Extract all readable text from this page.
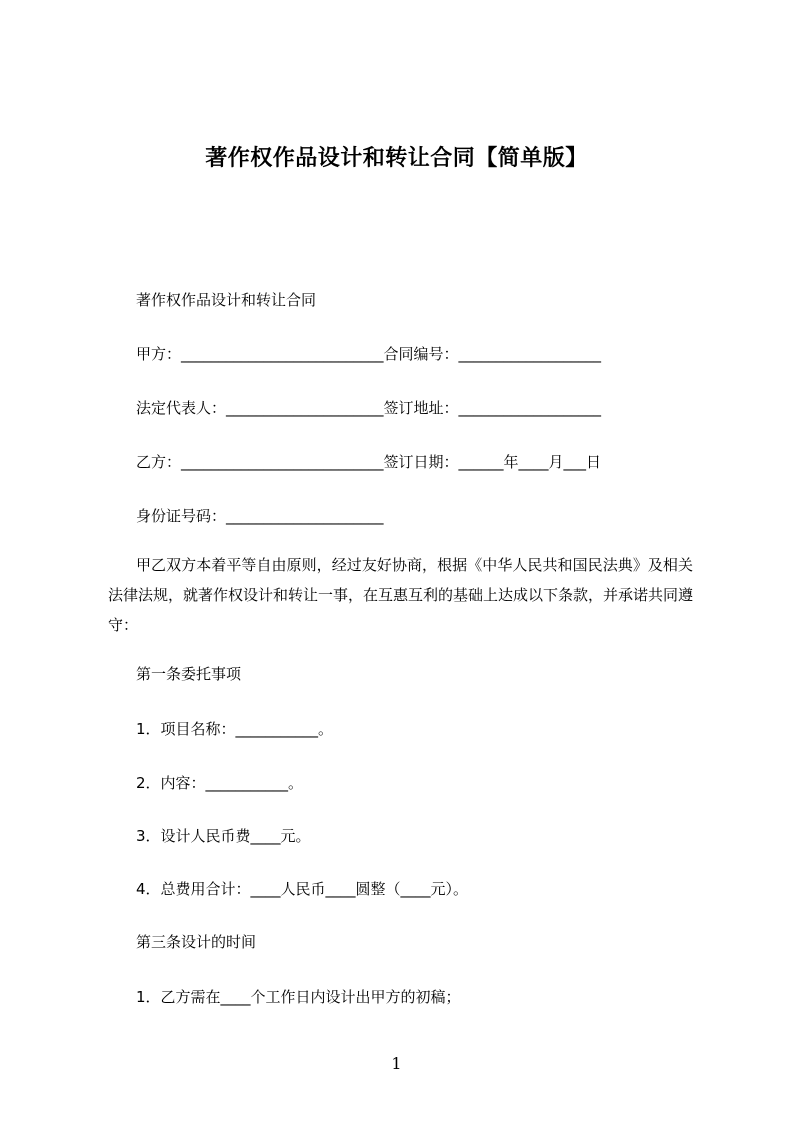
著作权作品设计和转让合同【简单版】
著作权作品设计和转让合同
甲方：___________________________合同编号：___________________
法定代表人：_____________________签订地址：___________________
乙方：___________________________签订日期：______年____月___日
身份证号码：_____________________

甲乙双方本着平等自由原则，经过友好协商，根据《中华人民共和国民法典》及相关法律法规，就著作权设计和转让一事，在互惠互利的基础上达成以下条款，并承诺共同遵守：

第一条委托事项
1．项目名称：___________。
2．内容：___________。
3．设计人民币费____元。
4．总费用合计：____人民币____圆整（____元）。
第三条设计的时间
1．乙方需在____个工作日内设计出甲方的初稿；
1
